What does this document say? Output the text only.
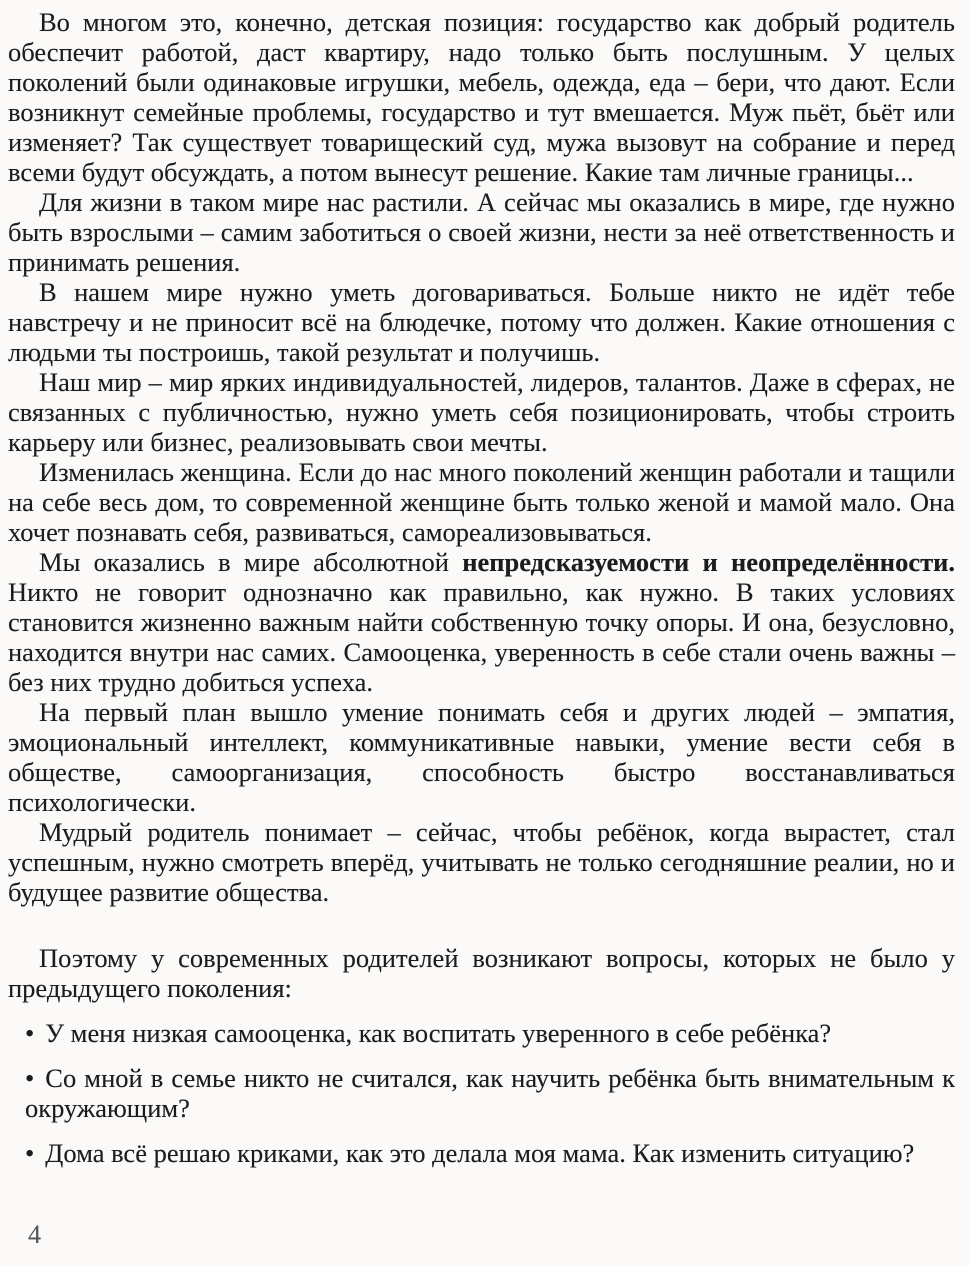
Во многом это, конечно, детская позиция: государство как добрый родитель обеспечит работой, даст квартиру, надо только быть послушным. У целых поколений были одинаковые игрушки, мебель, одежда, еда – бери, что дают. Если возникнут семейные проблемы, государство и тут вмешается. Муж пьёт, бьёт или изменяет? Так существует товарищеский суд, мужа вызовут на собрание и перед всеми будут обсуждать, а потом вынесут решение. Какие там личные границы...

Для жизни в таком мире нас растили. А сейчас мы оказались в мире, где нужно быть взрослыми – самим заботиться о своей жизни, нести за неё ответственность и принимать решения.

В нашем мире нужно уметь договариваться. Больше никто не идёт тебе навстречу и не приносит всё на блюдечке, потому что должен. Какие отношения с людьми ты построишь, такой результат и получишь.

Наш мир – мир ярких индивидуальностей, лидеров, талантов. Даже в сферах, не связанных с публичностью, нужно уметь себя позиционировать, чтобы строить карьеру или бизнес, реализовывать свои мечты.

Изменилась женщина. Если до нас много поколений женщин работали и тащили на себе весь дом, то современной женщине быть только женой и мамой мало. Она хочет познавать себя, развиваться, самореализовываться.

Мы оказались в мире абсолютной непредсказуемости и неопределённости. Никто не говорит однозначно как правильно, как нужно. В таких условиях становится жизненно важным найти собственную точку опоры. И она, безусловно, находится внутри нас самих. Самооценка, уверенность в себе стали очень важны – без них трудно добиться успеха.

На первый план вышло умение понимать себя и других людей – эмпатия, эмоциональный интеллект, коммуникативные навыки, умение вести себя в обществе, самоорганизация, способность быстро восстанавливаться психологически.

Мудрый родитель понимает – сейчас, чтобы ребёнок, когда вырастет, стал успешным, нужно смотреть вперёд, учитывать не только сегодняшние реалии, но и будущее развитие общества.

Поэтому у современных родителей возникают вопросы, которых не было у предыдущего поколения:

• У меня низкая самооценка, как воспитать уверенного в себе ребёнка?

• Со мной в семье никто не считался, как научить ребёнка быть внимательным к окружающим?

• Дома всё решаю криками, как это делала моя мама. Как изменить ситуацию?

4
